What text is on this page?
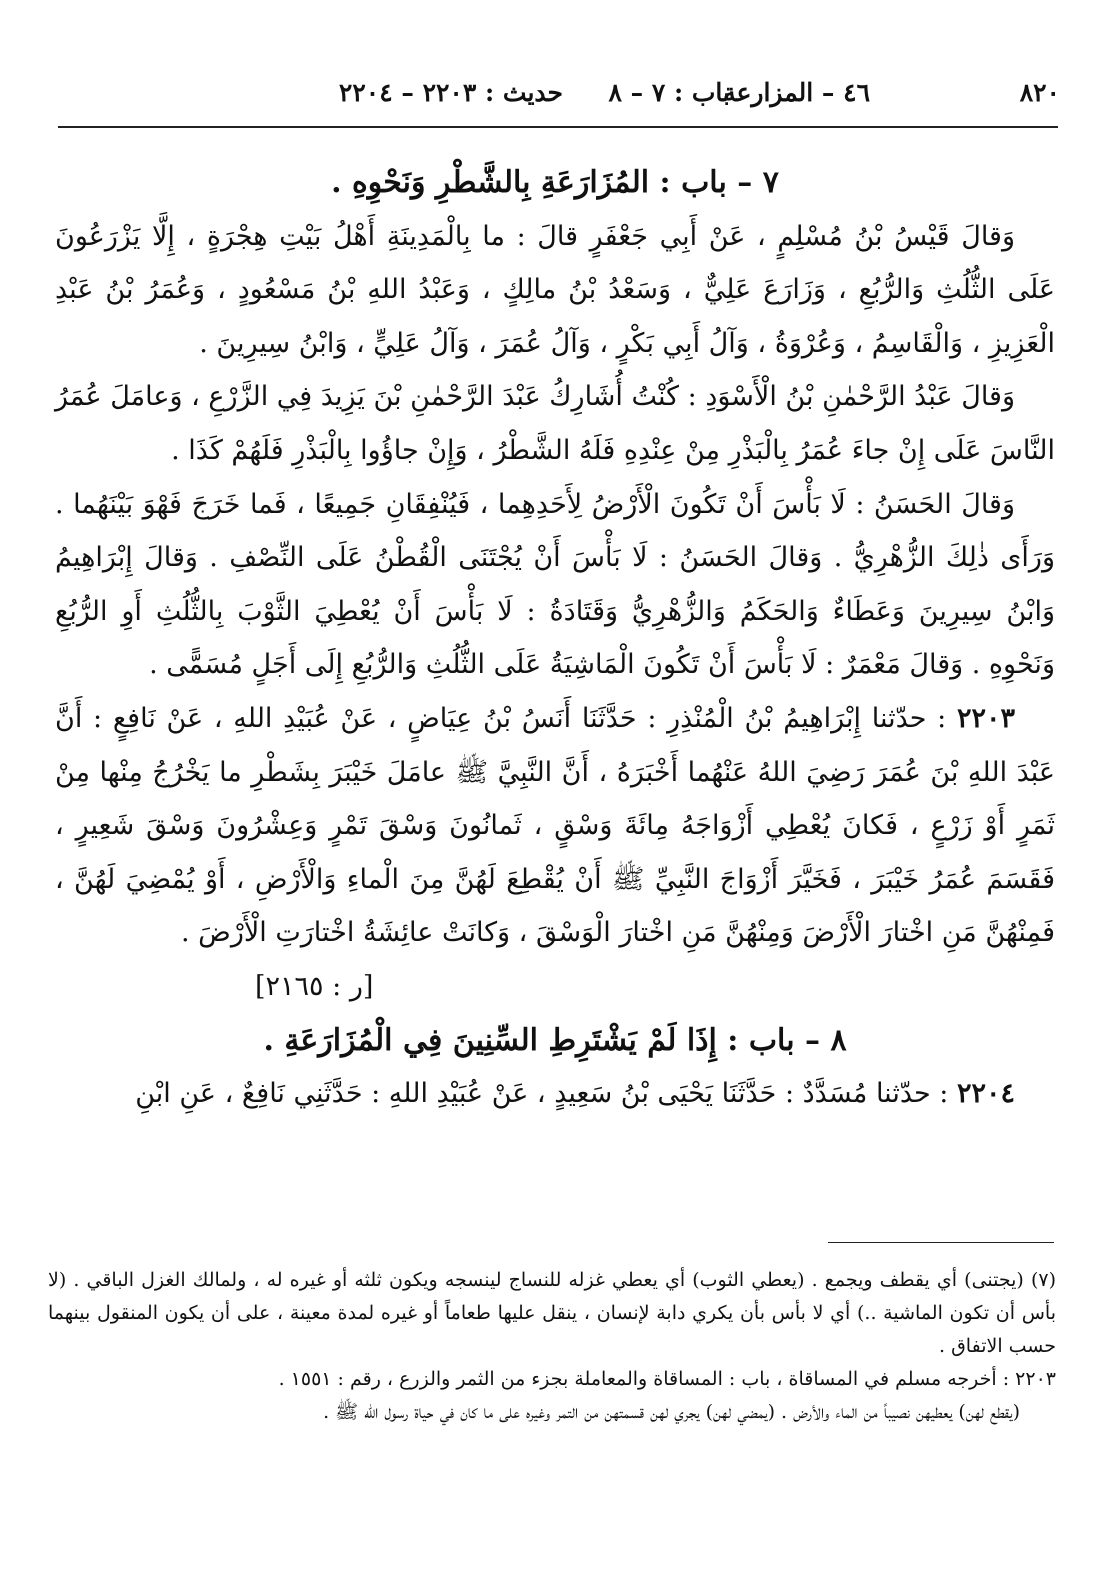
٨٢٠
٤٦ – المزارعة
باب : ٧ – ٨
حديث : ٢٢٠٣ – ٢٢٠٤

٧ – باب : المُزَارَعَةِ بِالشَّطْرِ وَنَحْوِهِ .

وَقالَ قَيْسُ بْنُ مُسْلِمٍ ، عَنْ أَبِي جَعْفَرٍ قالَ : ما بِالْمَدِينَةِ أَهْلُ بَيْتِ هِجْرَةٍ ، إِلَّا يَزْرَعُونَ عَلَى الثُّلُثِ وَالرُّبُعِ ، وَزَارَعَ عَلِيٌّ ، وَسَعْدُ بْنُ مالِكٍ ، وَعَبْدُ اللهِ بْنُ مَسْعُودٍ ، وَعُمَرُ بْنُ عَبْدِ الْعَزِيزِ ، وَالْقَاسِمُ ، وَعُرْوَةُ ، وَآلُ أَبِي بَكْرٍ ، وَآلُ عُمَرَ ، وَآلُ عَلِيٍّ ، وَابْنُ سِيرِينَ .

وَقالَ عَبْدُ الرَّحْمٰنِ بْنُ الْأَسْوَدِ : كُنْتُ أُشَارِكُ عَبْدَ الرَّحْمٰنِ بْنَ يَزِيدَ فِي الزَّرْعِ ، وَعامَلَ عُمَرُ النَّاسَ عَلَى إِنْ جاءَ عُمَرُ بِالْبَذْرِ مِنْ عِنْدِهِ فَلَهُ الشَّطْرُ ، وَإِنْ جاؤُوا بِالْبَذْرِ فَلَهُمْ كَذَا .

وَقالَ الحَسَنُ : لَا بَأْسَ أَنْ تَكُونَ الْأَرْضُ لِأَحَدِهِما ، فَيُنْفِقَانِ جَمِيعًا ، فَما خَرَجَ فَهْوَ بَيْنَهُما . وَرَأَى ذٰلِكَ الزُّهْرِيُّ . وَقالَ الحَسَنُ : لَا بَأْسَ أَنْ يُجْتَنَى الْقُطْنُ عَلَى النِّصْفِ . وَقالَ إِبْرَاهِيمُ وَابْنُ سِيرِينَ وَعَطَاءٌ وَالحَكَمُ وَالزُّهْرِيُّ وَقَتَادَةُ : لَا بَأْسَ أَنْ يُعْطِيَ الثَّوْبَ بِالثُّلُثِ أَوِ الرُّبُعِ وَنَحْوِهِ . وَقالَ مَعْمَرٌ : لَا بَأْسَ أَنْ تَكُونَ الْمَاشِيَةُ عَلَى الثُّلُثِ وَالرُّبُعِ إِلَى أَجَلٍ مُسَمًّى .

٢٢٠٣ : حدّثنا إِبْرَاهِيمُ بْنُ الْمُنْذِرِ : حَدَّثَنَا أَنَسُ بْنُ عِيَاضٍ ، عَنْ عُبَيْدِ اللهِ ، عَنْ نَافِعٍ : أَنَّ عَبْدَ اللهِ بْنَ عُمَرَ رَضِيَ اللهُ عَنْهُما أَخْبَرَهُ ، أَنَّ النَّبِيَّ ﷺ عامَلَ خَيْبَرَ بِشَطْرِ ما يَخْرُجُ مِنْها مِنْ ثَمَرٍ أَوْ زَرْعٍ ، فَكانَ يُعْطِي أَزْوَاجَهُ مِائَةَ وَسْقٍ ، ثَمانُونَ وَسْقَ تَمْرٍ وَعِشْرُونَ وَسْقَ شَعِيرٍ ، فَقَسَمَ عُمَرُ خَيْبَرَ ، فَخَيَّرَ أَزْوَاجَ النَّبِيِّ ﷺ أَنْ يُقْطِعَ لَهُنَّ مِنَ الْماءِ وَالْأَرْضِ ، أَوْ يُمْضِيَ لَهُنَّ ، فَمِنْهُنَّ مَنِ اخْتارَ الْأَرْضَ وَمِنْهُنَّ مَنِ اخْتارَ الْوَسْقَ ، وَكانَتْ عائِشَةُ اخْتارَتِ الْأَرْضَ .

[ر : ٢١٦٥]

٨ – باب : إِذَا لَمْ يَشْتَرِطِ السِّنِينَ فِي الْمُزَارَعَةِ .

٢٢٠٤ : حدّثنا مُسَدَّدٌ : حَدَّثَنَا يَحْيَى بْنُ سَعِيدٍ ، عَنْ عُبَيْدِ اللهِ : حَدَّثَنِي نَافِعٌ ، عَنِ ابْنِ

(٧) (يجتنى) أي يقطف ويجمع . (يعطي الثوب) أي يعطي غزله للنساج لينسجه ويكون ثلثه أو غيره له ، ولمالك الغزل الباقي . (لا بأس أن تكون الماشية ..) أي لا بأس بأن يكري دابة لإنسان ، ينقل عليها طعاماً أو غيره لمدة معينة ، على أن يكون المنقول بينهما حسب الاتفاق .

٢٢٠٣ : أخرجه مسلم في المساقاة ، باب : المساقاة والمعاملة بجزء من الثمر والزرع ، رقم : ١٥٥١ .

(يقطع لهن) يعطيهن نصيباً من الماء والأرض . (يمضي لهن) يجري لهن قسمتهن من التمر وغيره على ما كان في حياة رسول الله ﷺ .
